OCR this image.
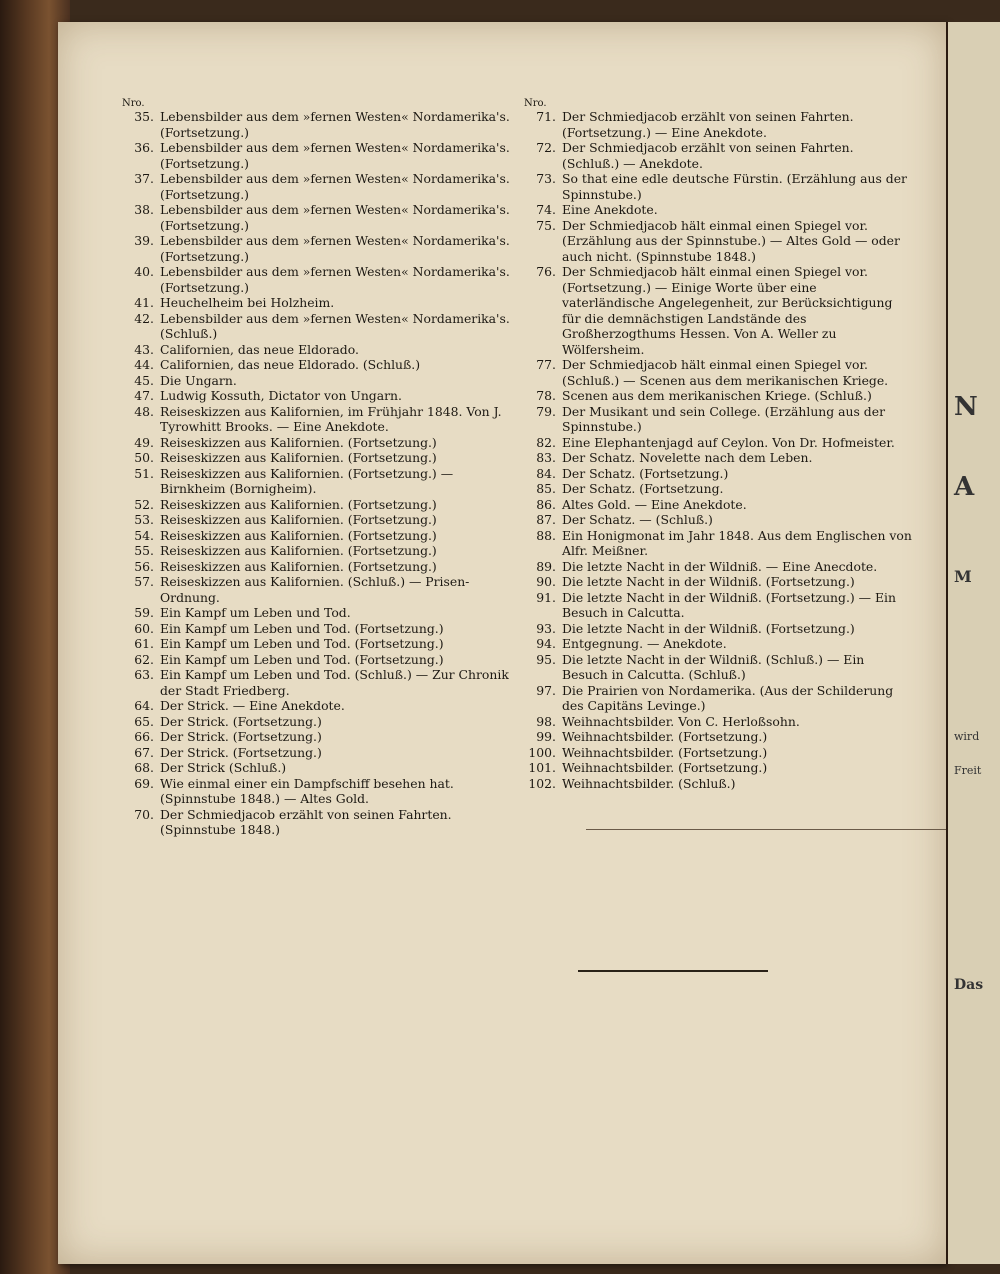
N
A
M
Das
wird
Freit
Nro.
35. Lebensbilder aus dem »fernen Westen« Nordamerika's. (Fortsetzung.)
36. Lebensbilder aus dem »fernen Westen« Nordamerika's. (Fortsetzung.)
37. Lebensbilder aus dem »fernen Westen« Nordamerika's. (Fortsetzung.)
38. Lebensbilder aus dem »fernen Westen« Nordamerika's. (Fortsetzung.)
39. Lebensbilder aus dem »fernen Westen« Nordamerika's. (Fortsetzung.)
40. Lebensbilder aus dem »fernen Westen« Nordamerika's. (Fortsetzung.)
41. Heuchelheim bei Holzheim.
42. Lebensbilder aus dem »fernen Westen« Nordamerika's. (Schluß.)
43. Californien, das neue Eldorado.
44. Californien, das neue Eldorado. (Schluß.)
45. Die Ungarn.
47. Ludwig Kossuth, Dictator von Ungarn.
48. Reiseskizzen aus Kalifornien, im Frühjahr 1848. Von J. Tyrowhitt Brooks. — Eine Anekdote.
49. Reiseskizzen aus Kalifornien. (Fortsetzung.)
50. Reiseskizzen aus Kalifornien. (Fortsetzung.)
51. Reiseskizzen aus Kalifornien. (Fortsetzung.) — Birnkheim (Bornigheim).
52. Reiseskizzen aus Kalifornien. (Fortsetzung.)
53. Reiseskizzen aus Kalifornien. (Fortsetzung.)
54. Reiseskizzen aus Kalifornien. (Fortsetzung.)
55. Reiseskizzen aus Kalifornien. (Fortsetzung.)
56. Reiseskizzen aus Kalifornien. (Fortsetzung.)
57. Reiseskizzen aus Kalifornien. (Schluß.) — Prisen-Ordnung.
59. Ein Kampf um Leben und Tod.
60. Ein Kampf um Leben und Tod. (Fortsetzung.)
61. Ein Kampf um Leben und Tod. (Fortsetzung.)
62. Ein Kampf um Leben und Tod. (Fortsetzung.)
63. Ein Kampf um Leben und Tod. (Schluß.) — Zur Chronik der Stadt Friedberg.
64. Der Strick. — Eine Anekdote.
65. Der Strick. (Fortsetzung.)
66. Der Strick. (Fortsetzung.)
67. Der Strick. (Fortsetzung.)
68. Der Strick (Schluß.)
69. Wie einmal einer ein Dampfschiff besehen hat. (Spinnstube 1848.) — Altes Gold.
70. Der Schmiedjacob erzählt von seinen Fahrten. (Spinnstube 1848.)
Nro.
71. Der Schmiedjacob erzählt von seinen Fahrten. (Fortsetzung.) — Eine Anekdote.
72. Der Schmiedjacob erzählt von seinen Fahrten. (Schluß.) — Anekdote.
73. So that eine edle deutsche Fürstin. (Erzählung aus der Spinnstube.)
74. Eine Anekdote.
75. Der Schmiedjacob hält einmal einen Spiegel vor. (Erzählung aus der Spinnstube.) — Altes Gold — oder auch nicht. (Spinnstube 1848.)
76. Der Schmiedjacob hält einmal einen Spiegel vor. (Fortsetzung.) — Einige Worte über eine vaterländische Angelegenheit, zur Berücksichtigung für die demnächstigen Landstände des Großherzogthums Hessen. Von A. Weller zu Wölfersheim.
77. Der Schmiedjacob hält einmal einen Spiegel vor. (Schluß.) — Scenen aus dem merikanischen Kriege.
78. Scenen aus dem merikanischen Kriege. (Schluß.)
79. Der Musikant und sein College. (Erzählung aus der Spinnstube.)
82. Eine Elephantenjagd auf Ceylon. Von Dr. Hofmeister.
83. Der Schatz. Novelette nach dem Leben.
84. Der Schatz. (Fortsetzung.)
85. Der Schatz. (Fortsetzung.
86. Altes Gold. — Eine Anekdote.
87. Der Schatz. — (Schluß.)
88. Ein Honigmonat im Jahr 1848. Aus dem Englischen von Alfr. Meißner.
89. Die letzte Nacht in der Wildniß. — Eine Anecdote.
90. Die letzte Nacht in der Wildniß. (Fortsetzung.)
91. Die letzte Nacht in der Wildniß. (Fortsetzung.) — Ein Besuch in Calcutta.
93. Die letzte Nacht in der Wildniß. (Fortsetzung.)
94. Entgegnung. — Anekdote.
95. Die letzte Nacht in der Wildniß. (Schluß.) — Ein Besuch in Calcutta. (Schluß.)
97. Die Prairien von Nordamerika. (Aus der Schilderung des Capitäns Levinge.)
98. Weihnachtsbilder. Von C. Herloßsohn.
99. Weihnachtsbilder. (Fortsetzung.)
100. Weihnachtsbilder. (Fortsetzung.)
101. Weihnachtsbilder. (Fortsetzung.)
102. Weihnachtsbilder. (Schluß.)
